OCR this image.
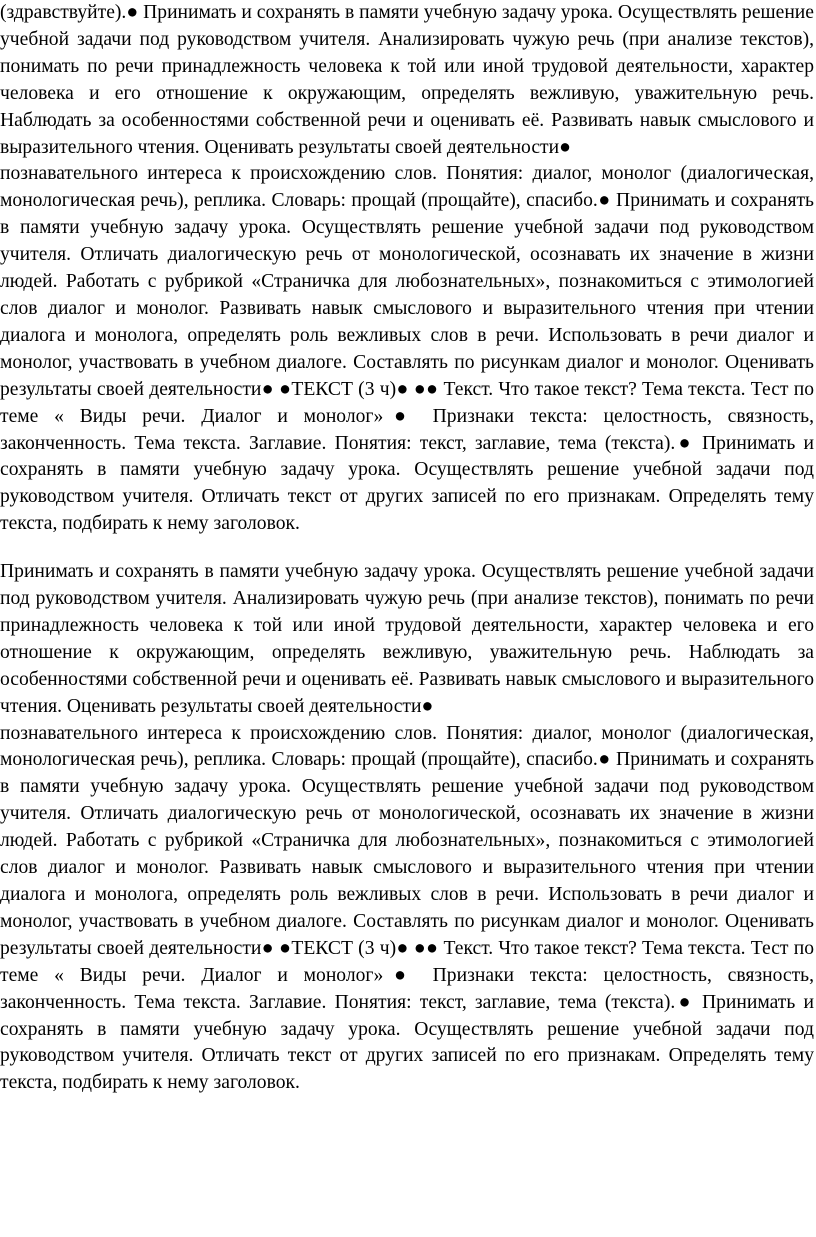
(здравствуйте).● Принимать и сохранять в памяти учебную задачу урока. Осуществлять решение учебной задачи под руководством учителя. Анализировать чужую речь (при анализе текстов), понимать по речи принадлежность человека к той или иной трудовой деятельности, характер человека и его отношение к окружающим, определять вежливую, уважительную речь. Наблюдать за особенностями собственной речи и оценивать её. Развивать навык смыслового и выразительного чтения. Оценивать результаты своей деятельности●

познавательного интереса к происхождению слов. Понятия: диалог, монолог (диалогическая, монологическая речь), реплика. Словарь: прощай (прощайте), спасибо.● Принимать и сохранять в памяти учебную задачу урока. Осуществлять решение учебной задачи под руководством учителя. Отличать диалогическую речь от монологической, осознавать их значение в жизни людей. Работать с рубрикой «Страничка для любознательных», познакомиться с этимологией слов диалог и монолог. Развивать навык смыслового и выразительного чтения при чтении диалога и монолога, определять роль вежливых слов в речи. Использовать в речи диалог и монолог, участвовать в учебном диалоге. Составлять по рисункам диалог и монолог. Оценивать результаты своей деятельности● ●ТЕКСТ (3 ч)● ●● Текст. Что такое текст? Тема текста. Тест по теме « Виды речи. Диалог и монолог»● Признаки текста: целостность, связность, законченность. Тема текста. Заглавие. Понятия: текст, заглавие, тема (текста).● Принимать и сохранять в памяти учебную задачу урока. Осуществлять решение учебной задачи под руководством учителя. Отличать текст от других записей по его признакам. Определять тему текста, подбирать к нему заголовок.

Принимать и сохранять в памяти учебную задачу урока. Осуществлять решение учебной задачи под руководством учителя. Анализировать чужую речь (при анализе текстов), понимать по речи принадлежность человека к той или иной трудовой деятельности, характер человека и его отношение к окружающим, определять вежливую, уважительную речь. Наблюдать за особенностями собственной речи и оценивать её. Развивать навык смыслового и выразительного чтения. Оценивать результаты своей деятельности●

познавательного интереса к происхождению слов. Понятия: диалог, монолог (диалогическая, монологическая речь), реплика. Словарь: прощай (прощайте), спасибо.● Принимать и сохранять в памяти учебную задачу урока. Осуществлять решение учебной задачи под руководством учителя. Отличать диалогическую речь от монологической, осознавать их значение в жизни людей. Работать с рубрикой «Страничка для любознательных», познакомиться с этимологией слов диалог и монолог. Развивать навык смыслового и выразительного чтения при чтении диалога и монолога, определять роль вежливых слов в речи. Использовать в речи диалог и монолог, участвовать в учебном диалоге. Составлять по рисункам диалог и монолог. Оценивать результаты своей деятельности● ●ТЕКСТ (3 ч)● ●● Текст. Что такое текст? Тема текста. Тест по теме « Виды речи. Диалог и монолог»● Признаки текста: целостность, связность, законченность. Тема текста. Заглавие. Понятия: текст, заглавие, тема (текста).● Принимать и сохранять в памяти учебную задачу урока. Осуществлять решение учебной задачи под руководством учителя. Отличать текст от других записей по его признакам. Определять тему текста, подбирать к нему заголовок.
